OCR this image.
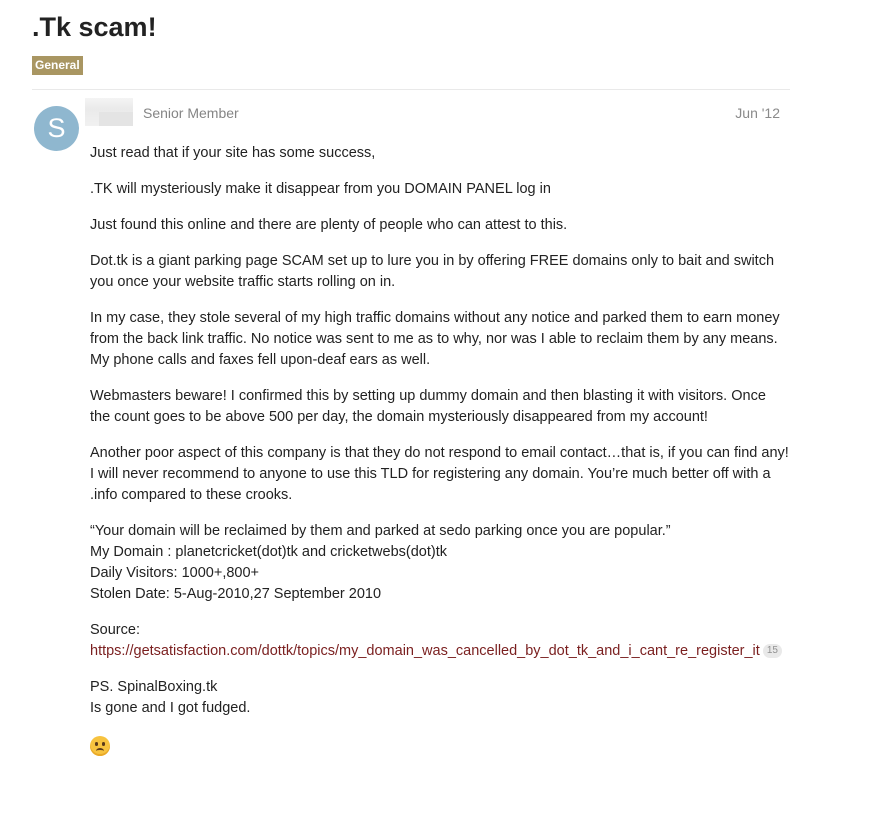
.Tk scam!
General
S	Senior Member	Jun '12

Just read that if your site has some success,

.TK will mysteriously make it disappear from you DOMAIN PANEL log in

Just found this online and there are plenty of people who can attest to this.

Dot.tk is a giant parking page SCAM set up to lure you in by offering FREE domains only to bait and switch you once your website traffic starts rolling on in.

In my case, they stole several of my high traffic domains without any notice and parked them to earn money from the back link traffic. No notice was sent to me as to why, nor was I able to reclaim them by any means. My phone calls and faxes fell upon-deaf ears as well.

Webmasters beware! I confirmed this by setting up dummy domain and then blasting it with visitors. Once the count goes to be above 500 per day, the domain mysteriously disappeared from my account!

Another poor aspect of this company is that they do not respond to email contact…that is, if you can find any!
I will never recommend to anyone to use this TLD for registering any domain. You’re much better off with a .info compared to these crooks.

“Your domain will be reclaimed by them and parked at sedo parking once you are popular.”
My Domain : planetcricket(dot)tk and cricketwebs(dot)tk
Daily Visitors: 1000+,800+
Stolen Date: 5-Aug-2010,27 September 2010

Source:
https://getsatisfaction.com/dottk/topics/my_domain_was_cancelled_by_dot_tk_and_i_cant_re_register_it 15

PS. SpinalBoxing.tk
Is gone and I got fudged.
